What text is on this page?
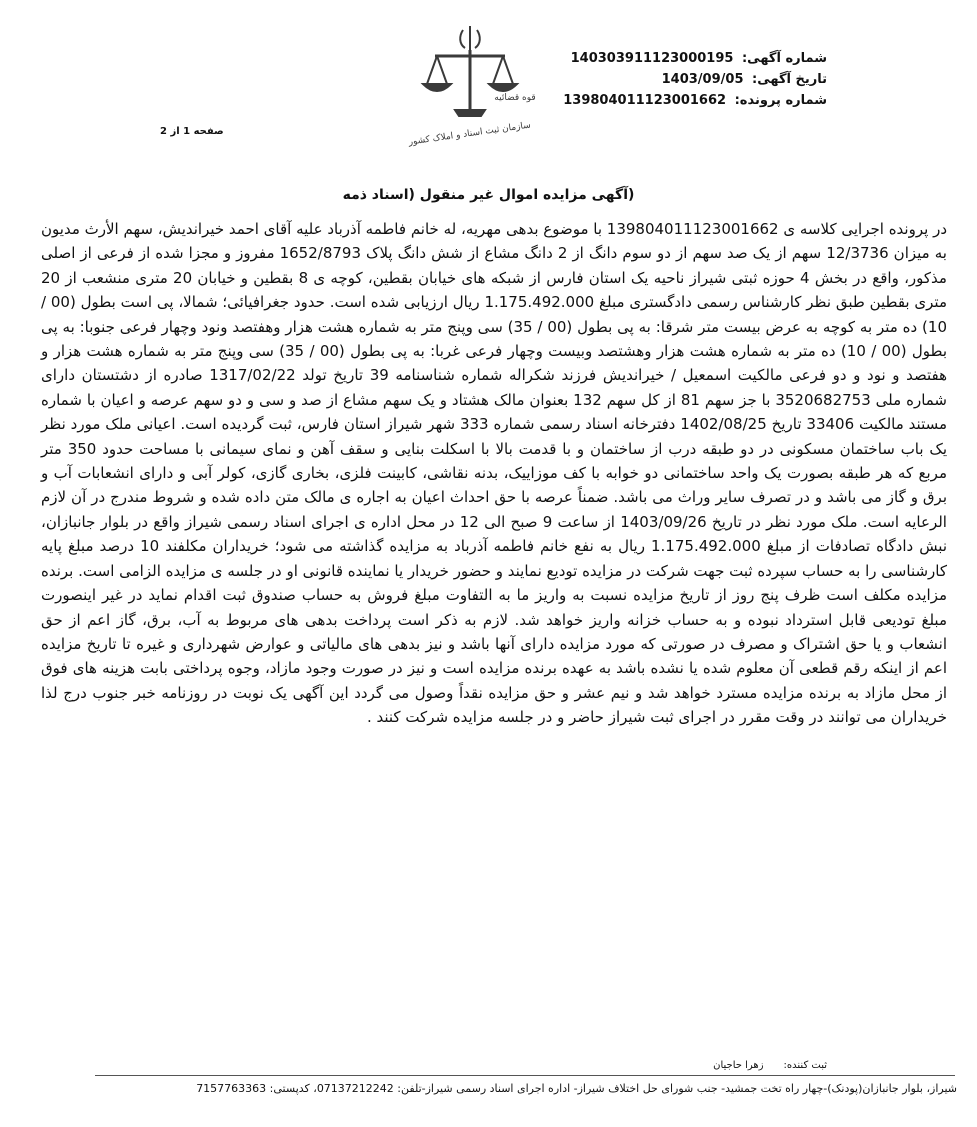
قوه قضائیه
سازمان ثبت اسناد و املاک کشور
شماره آگهی: 140303911123000195
تاریخ آگهی: 1403/09/05
شماره پرونده: 139804011123001662
صفحه 1 از 2
(آگهی مزایده اموال غیر منقول (اسناد ذمه
در پرونده اجرایی کلاسه ی 139804011123001662 با موضوع بدهی مهریه، له خانم فاطمه آذرباد علیه آقای احمد خیراندیش، سهم الأرث مدیون به میزان 12/3736 سهم از یک صد سهم از دو سوم دانگ از 2 دانگ مشاع از شش دانگ پلاک 1652/8793 مفروز و مجزا شده از فرعی از اصلی مذکور، واقع در بخش 4 حوزه ثبتی شیراز ناحیه یک استان فارس از شبکه های خیابان بقطین، کوچه ی 8 بقطین و خیابان 20 متری منشعب از 20 متری بقطین طبق نظر کارشناس رسمی دادگستری مبلغ 1.175.492.000 ریال ارزیابی شده است. حدود جغرافیائی؛ شمالا، پی است بطول (00 / 10) ده متر به کوچه به عرض بیست متر شرقا: به پی بطول (00 / 35) سی وپنج متر به شماره هشت هزار وهفتصد ونود وچهار فرعی جنوبا: به پی بطول (00 / 10) ده متر به شماره هشت هزار وهشتصد وبیست وچهار فرعی غربا: به پی بطول (00 / 35) سی وپنج متر به شماره هشت هزار و هفتصد و نود و دو فرعی مالکیت اسمعیل / خیراندیش فرزند شکراله شماره شناسنامه 39 تاریخ تولد 1317/02/22 صادره از دشتستان دارای شماره ملی 3520682753 با جز سهم 81 از کل سهم 132 بعنوان مالک هشتاد و یک سهم مشاع از صد و سی و دو سهم عرصه و اعیان با شماره مستند مالکیت 33406 تاریخ 1402/08/25 دفترخانه اسناد رسمی شماره 333 شهر شیراز استان فارس، ثبت گردیده است. اعیانی ملک مورد نظر یک باب ساختمان مسکونی در دو طبقه درب از ساختمان و با قدمت بالا با اسکلت بنایی و سقف آهن و نمای سیمانی با مساحت حدود 350 متر مربع که هر طبقه بصورت یک واحد ساختمانی دو خوابه با کف موزاییک، بدنه نقاشی، کابینت فلزی، بخاری گازی، کولر آبی و دارای انشعابات آب و برق و گاز می باشد و در تصرف سایر وراث می باشد. ضمناً عرصه با حق احداث اعیان به اجاره ی مالک متن داده شده و شروط مندرج در آن لازم الرعایه است. ملک مورد نظر در تاریخ 1403/09/26 از ساعت 9 صبح الی 12 در محل اداره ی اجرای اسناد رسمی شیراز واقع در بلوار جانبازان، نبش دادگاه تصادفات از مبلغ 1.175.492.000 ریال به نفع خانم فاطمه آذرباد به مزایده گذاشته می شود؛ خریداران مکلفند 10 درصد مبلغ پایه کارشناسی را به حساب سپرده ثبت جهت شرکت در مزایده تودیع نمایند و حضور خریدار یا نماینده قانونی او در جلسه ی مزایده الزامی است. برنده مزایده مکلف است ظرف پنج روز از تاریخ مزایده نسبت به واریز ما به التفاوت مبلغ فروش به حساب صندوق ثبت اقدام نماید در غیر اینصورت مبلغ تودیعی قابل استرداد نبوده و به حساب خزانه واریز خواهد شد. لازم به ذکر است پرداخت بدهی های مربوط به آب، برق، گاز اعم از حق انشعاب و یا حق اشتراک و مصرف در صورتی که مورد مزایده دارای آنها باشد و نیز بدهی های مالیاتی و عوارض شهرداری و غیره تا تاریخ مزایده اعم از اینکه رقم قطعی آن معلوم شده یا نشده باشد به عهده برنده مزایده است و نیز در صورت وجود مازاد، وجوه پرداختی بابت هزینه های فوق از محل مازاد به برنده مزایده مسترد خواهد شد و نیم عشر و حق مزایده نقداً وصول می گردد این آگهی یک نوبت در روزنامه خبر جنوب درج لذا خریداران می توانند در وقت مقرر در اجرای ثبت شیراز حاضر و در جلسه مزایده شرکت کنند .
ثبت کننده:زهرا حاجیان
شیراز، بلوار جانبازان(پودنک)-چهار راه تخت جمشید- جنب شورای حل اختلاف شیراز- اداره اجرای اسناد رسمی شیراز-تلفن: 07137212242، کدپستی: 7157763363
